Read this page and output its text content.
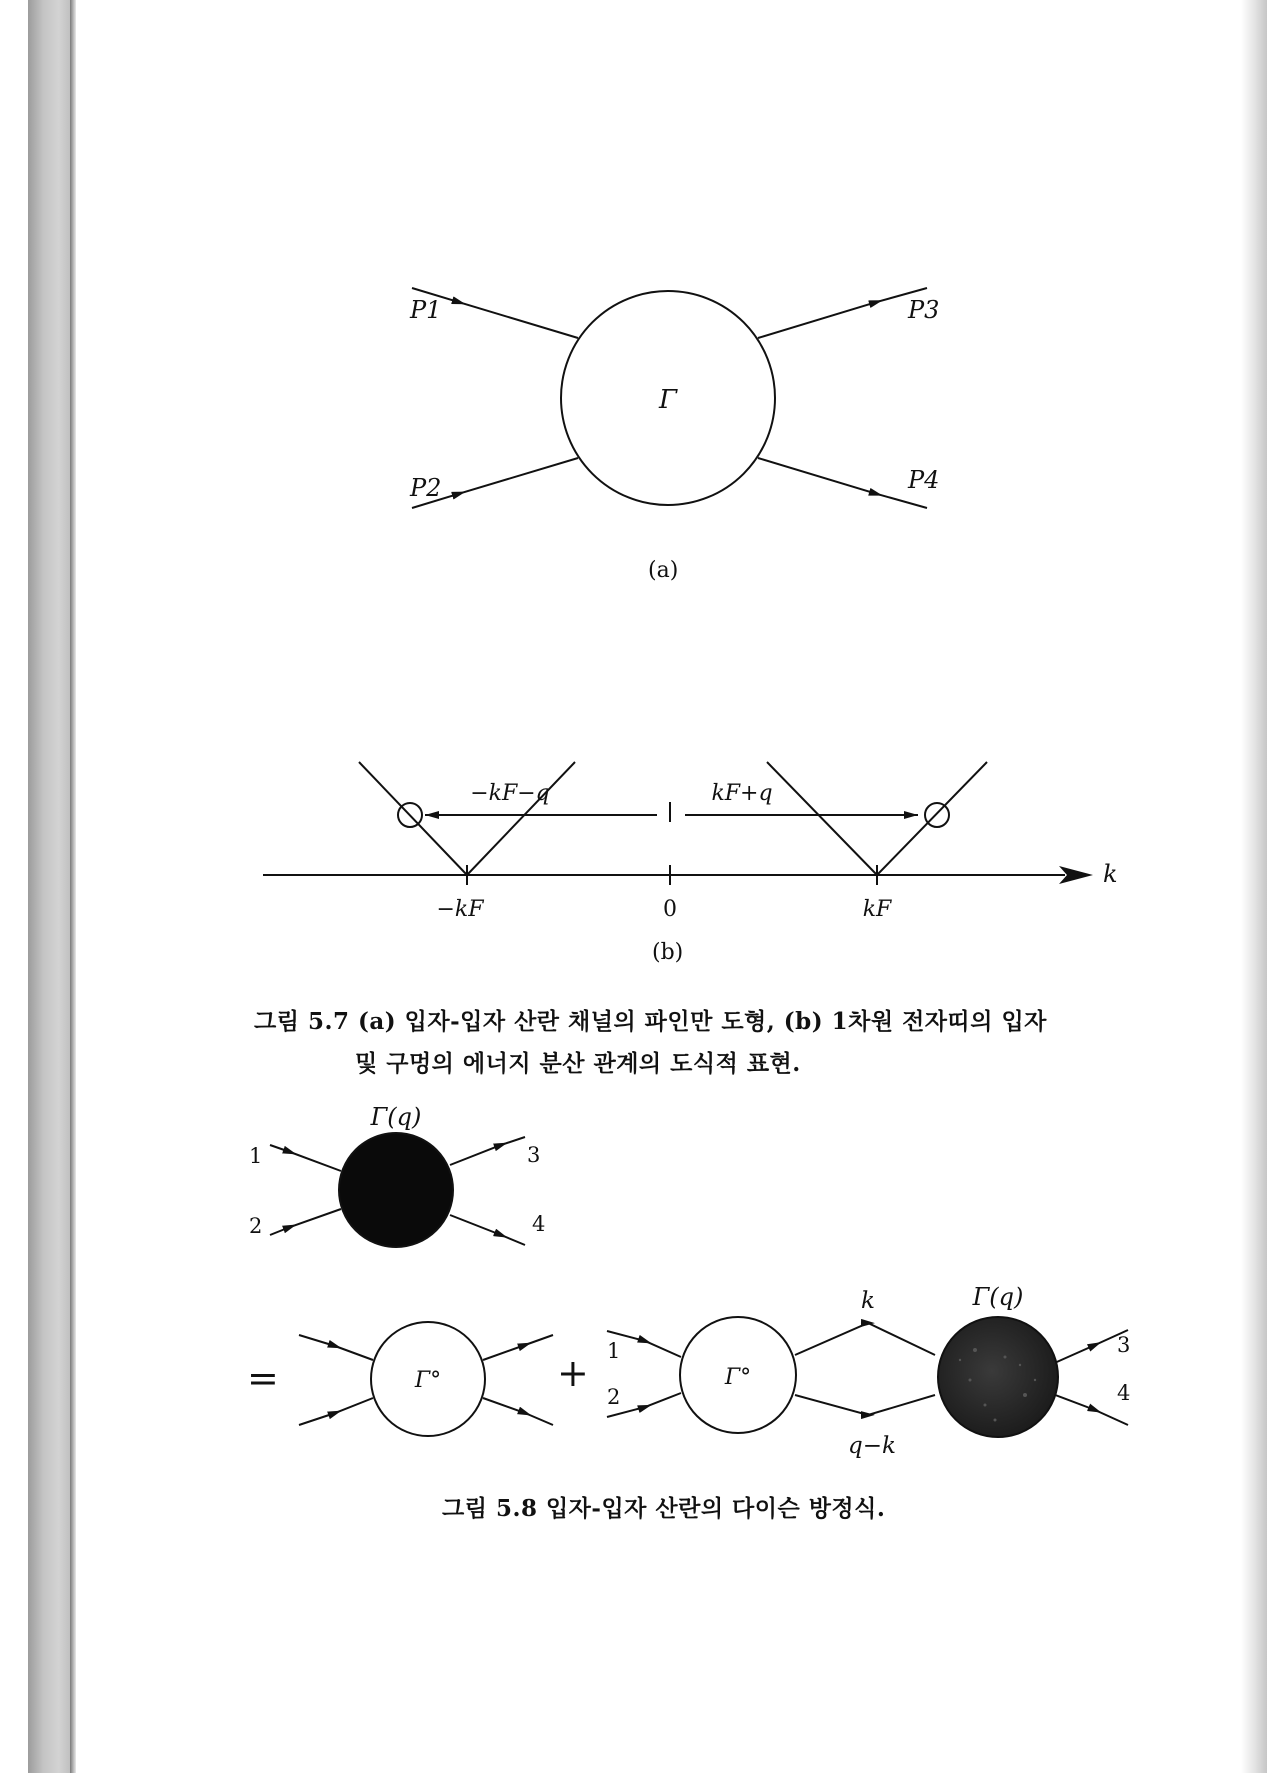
Γ
P1
P2
P3
P4
(a)
−kF−q	kF+q
k
−kF	0	kF
(b)
그림 5.7 (a) 입자-입자 산란 채널의 파인만 도형, (b) 1차원 전자띠의 입자
및 구멍의 에너지 분산 관계의 도식적 표현.
Γ(q)
1	3
2	4
=	+
Γ°	Γ°
k
q−k
Γ(q)
1
2
3
4
그림 5.8 입자-입자 산란의 다이슨 방정식.
